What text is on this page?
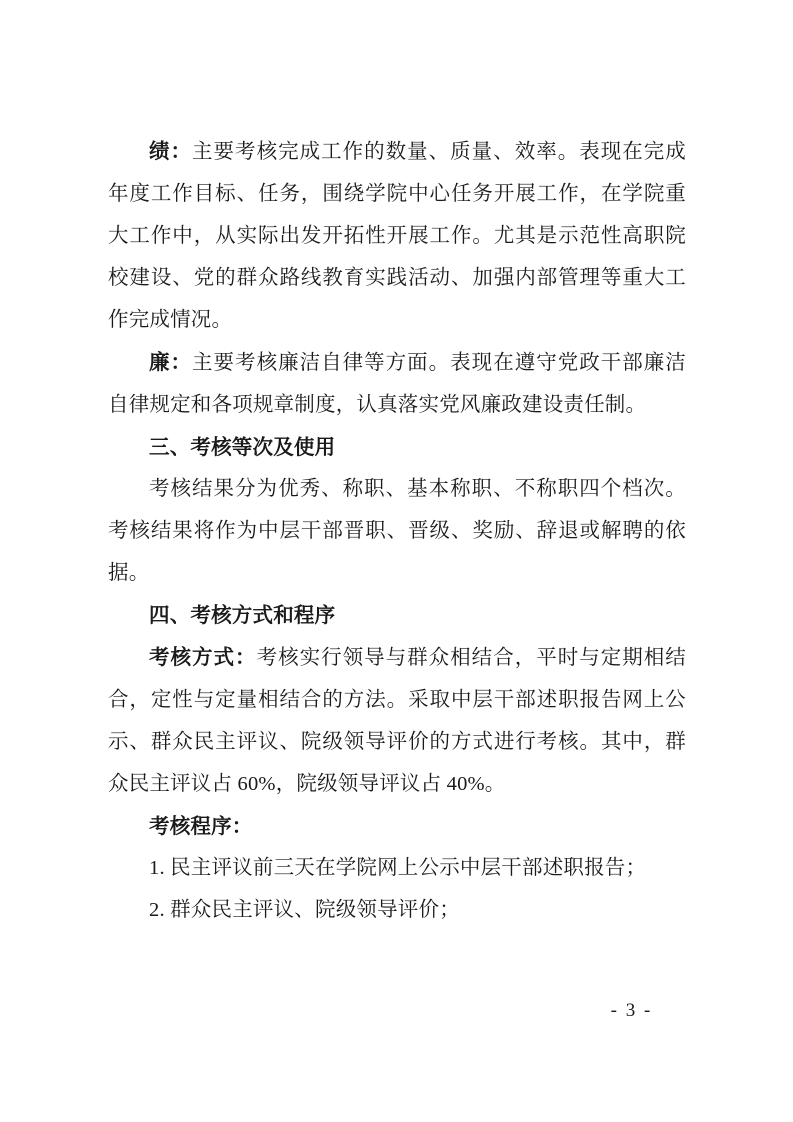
绩：主要考核完成工作的数量、质量、效率。表现在完成年度工作目标、任务，围绕学院中心任务开展工作，在学院重大工作中，从实际出发开拓性开展工作。尤其是示范性高职院校建设、党的群众路线教育实践活动、加强内部管理等重大工作完成情况。

廉：主要考核廉洁自律等方面。表现在遵守党政干部廉洁自律规定和各项规章制度，认真落实党风廉政建设责任制。

三、考核等次及使用

考核结果分为优秀、称职、基本称职、不称职四个档次。考核结果将作为中层干部晋职、晋级、奖励、辞退或解聘的依据。

四、考核方式和程序

考核方式：考核实行领导与群众相结合，平时与定期相结合，定性与定量相结合的方法。采取中层干部述职报告网上公示、群众民主评议、院级领导评价的方式进行考核。其中，群众民主评议占 60%，院级领导评议占 40%。

考核程序：

1. 民主评议前三天在学院网上公示中层干部述职报告；

2. 群众民主评议、院级领导评价；

- 3 -
